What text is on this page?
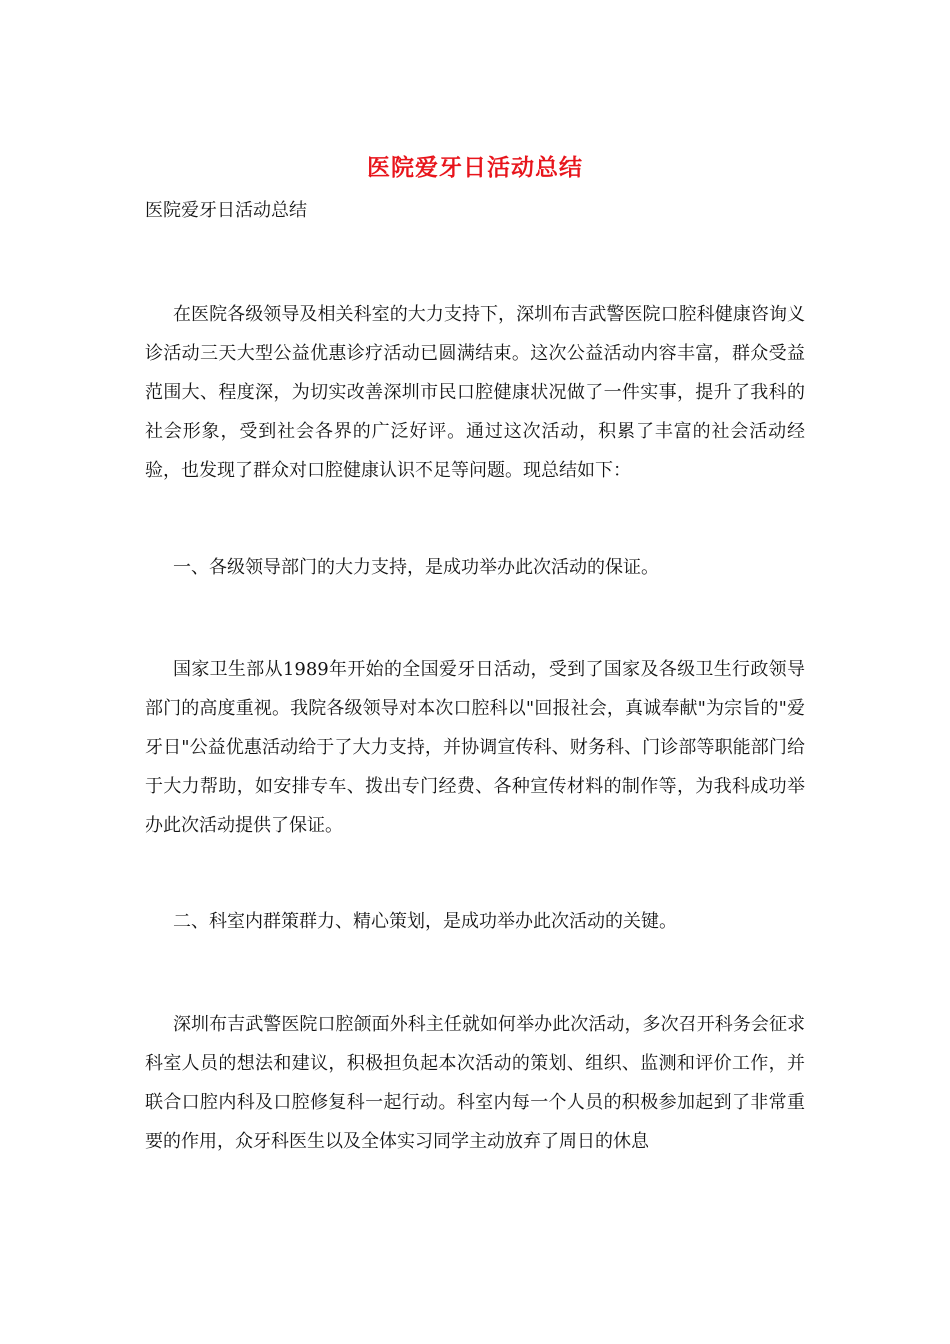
医院爱牙日活动总结
医院爱牙日活动总结

在医院各级领导及相关科室的大力支持下，深圳布吉武警医院口腔科健康咨询义诊活动三天大型公益优惠诊疗活动已圆满结束。这次公益活动内容丰富，群众受益范围大、程度深，为切实改善深圳市民口腔健康状况做了一件实事，提升了我科的社会形象，受到社会各界的广泛好评。通过这次活动，积累了丰富的社会活动经验，也发现了群众对口腔健康认识不足等问题。现总结如下：

一、各级领导部门的大力支持，是成功举办此次活动的保证。

国家卫生部从1989年开始的全国爱牙日活动，受到了国家及各级卫生行政领导部门的高度重视。我院各级领导对本次口腔科以"回报社会，真诚奉献"为宗旨的"爱牙日"公益优惠活动给于了大力支持，并协调宣传科、财务科、门诊部等职能部门给于大力帮助，如安排专车、拨出专门经费、各种宣传材料的制作等，为我科成功举办此次活动提供了保证。

二、科室内群策群力、精心策划，是成功举办此次活动的关键。

深圳布吉武警医院口腔颌面外科主任就如何举办此次活动，多次召开科务会征求科室人员的想法和建议，积极担负起本次活动的策划、组织、监测和评价工作，并联合口腔内科及口腔修复科一起行动。科室内每一个人员的积极参加起到了非常重要的作用，众牙科医生以及全体实习同学主动放弃了周日的休息
